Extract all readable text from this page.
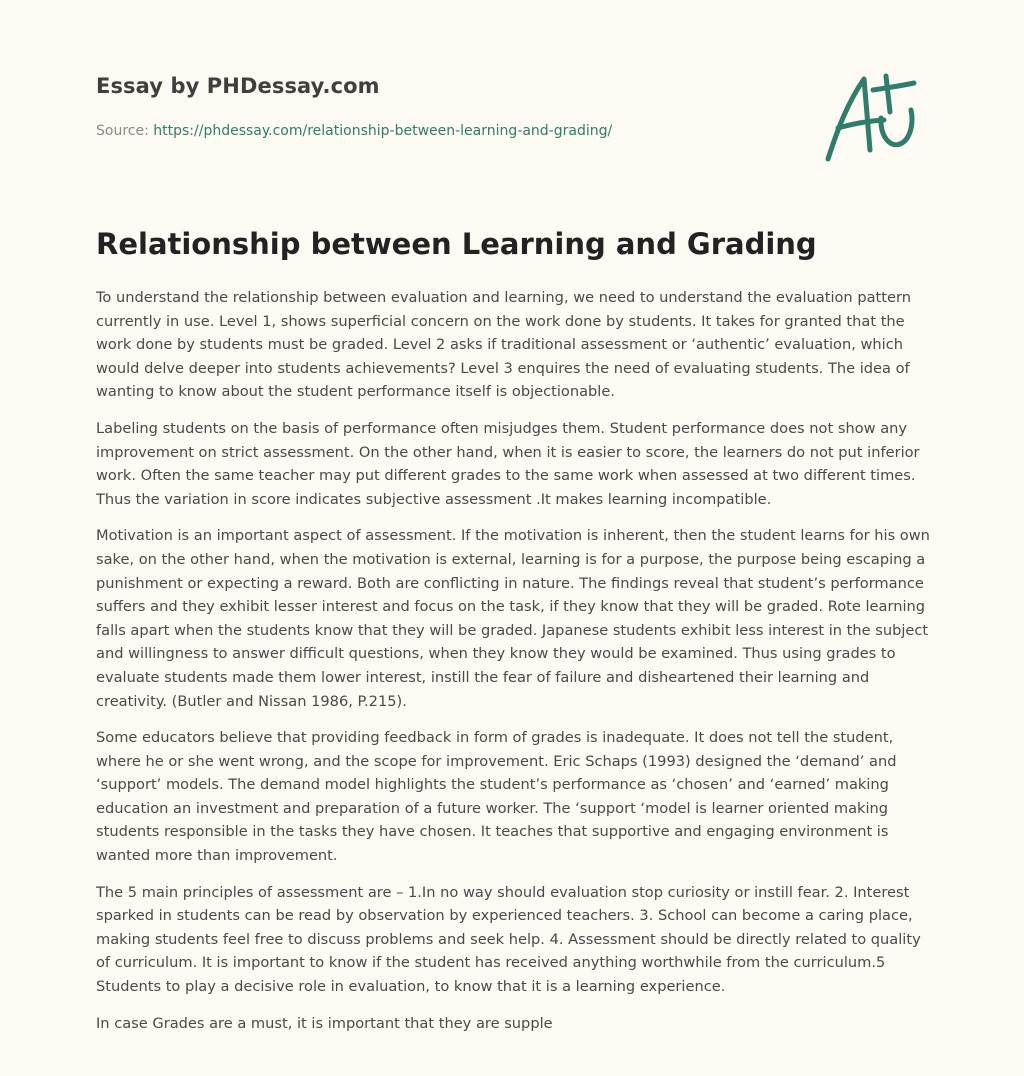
Essay by PHDessay.com
Source: https://phdessay.com/relationship-between-learning-and-grading/
Relationship between Learning and Grading

To understand the relationship between evaluation and learning, we need to understand the evaluation pattern currently in use. Level 1, shows superficial concern on the work done by students. It takes for granted that the work done by students must be graded. Level 2 asks if traditional assessment or ‘authentic’ evaluation, which would delve deeper into students achievements? Level 3 enquires the need of evaluating students. The idea of wanting to know about the student performance itself is objectionable.

Labeling students on the basis of performance often misjudges them. Student performance does not show any improvement on strict assessment. On the other hand, when it is easier to score, the learners do not put inferior work. Often the same teacher may put different grades to the same work when assessed at two different times. Thus the variation in score indicates subjective assessment .It makes learning incompatible.

Motivation is an important aspect of assessment. If the motivation is inherent, then the student learns for his own sake, on the other hand, when the motivation is external, learning is for a purpose, the purpose being escaping a punishment or expecting a reward. Both are conflicting in nature. The findings reveal that student’s performance suffers and they exhibit lesser interest and focus on the task, if they know that they will be graded. Rote learning falls apart when the students know that they will be graded. Japanese students exhibit less interest in the subject and willingness to answer difficult questions, when they know they would be examined. Thus using grades to evaluate students made them lower interest, instill the fear of failure and disheartened their learning and creativity. (Butler and Nissan 1986, P.215).

Some educators believe that providing feedback in form of grades is inadequate. It does not tell the student, where he or she went wrong, and the scope for improvement. Eric Schaps (1993) designed the ‘demand’ and ‘support’ models. The demand model highlights the student’s performance as ‘chosen’ and ‘earned’ making education an investment and preparation of a future worker. The ‘support ‘model is learner oriented making students responsible in the tasks they have chosen. It teaches that supportive and engaging environment is wanted more than improvement.

The 5 main principles of assessment are – 1.In no way should evaluation stop curiosity or instill fear. 2. Interest sparked in students can be read by observation by experienced teachers. 3. School can become a caring place, making students feel free to discuss problems and seek help. 4. Assessment should be directly related to quality of curriculum. It is important to know if the student has received anything worthwhile from the curriculum.5 Students to play a decisive role in evaluation, to know that it is a learning experience.

In case Grades are a must, it is important that they are supple
